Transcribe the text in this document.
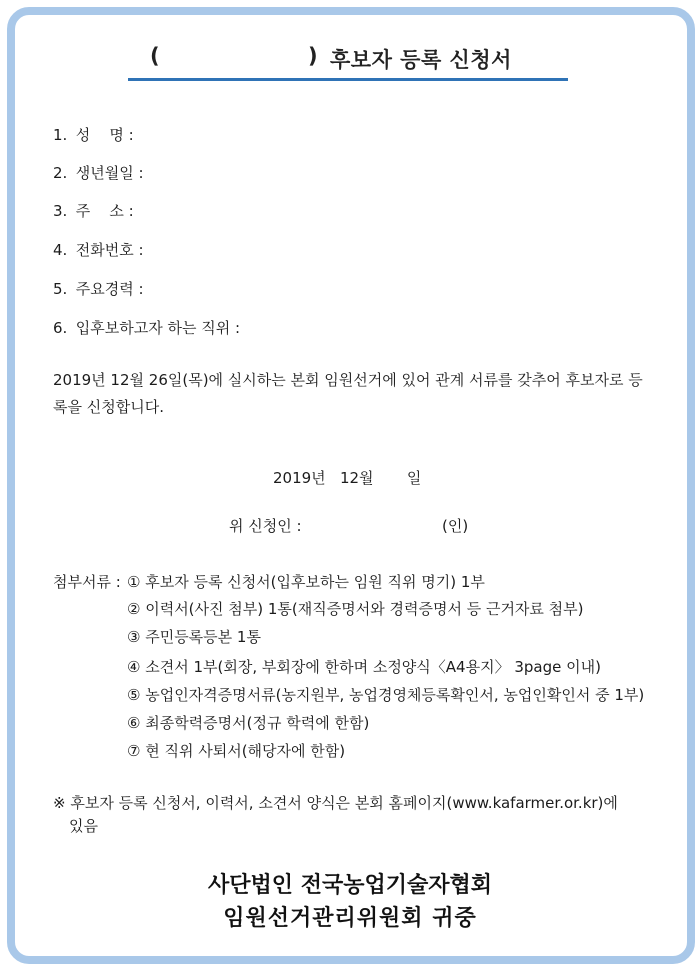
(	) 후보자 등록 신청서
1. 성    명 :
2. 생년월일 :
3. 주    소 :
4. 전화번호 :
5. 주요경력 :
6. 입후보하고자 하는 직위 :
2019년 12월 26일(목)에 실시하는 본회 임원선거에 있어 관계 서류를 갖추어 후보자로 등록을 신청합니다.
2019년   12월       일
위 신청인 :	(인)
첨부서류 : ① 후보자 등록 신청서(입후보하는 임원 직위 명기) 1부
② 이력서(사진 첨부) 1통(재직증명서와 경력증명서 등 근거자료 첨부)
③ 주민등록등본 1통
④ 소견서 1부(회장, 부회장에 한하며 소정양식〈A4용지〉 3page 이내)
⑤ 농업인자격증명서류(농지원부, 농업경영체등록확인서, 농업인확인서 중 1부)
⑥ 최종학력증명서(정규 학력에 한함)
⑦ 현 직위 사퇴서(해당자에 한함)
※ 후보자 등록 신청서, 이력서, 소견서 양식은 본회 홈페이지(www.kafarmer.or.kr)에
있음
사단법인 전국농업기술자협회
임원선거관리위원회 귀중
